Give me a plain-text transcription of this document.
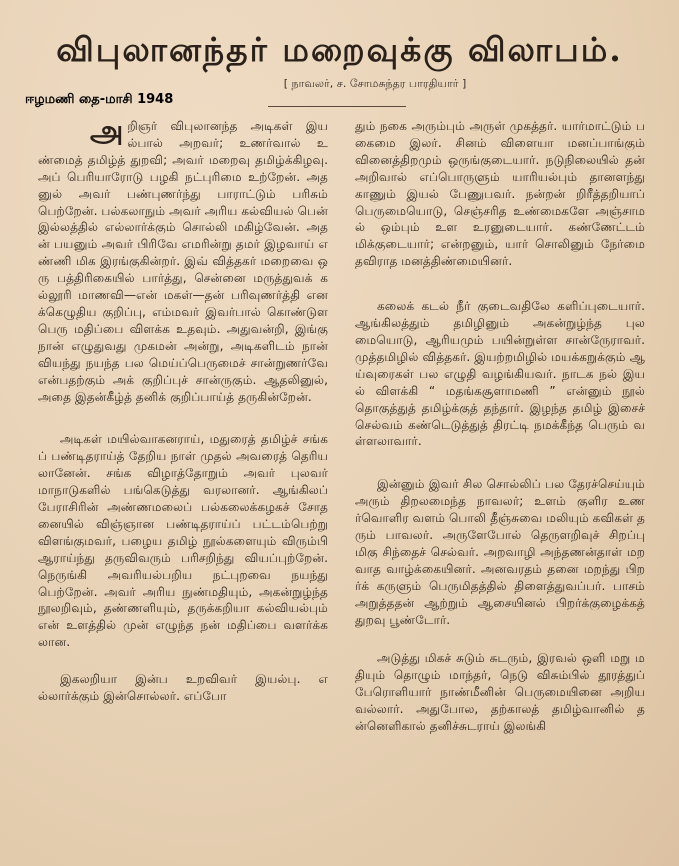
விபுலானந்தர் மறைவுக்கு விலாபம்.
[ நாவலர், ச. சோமசுந்தர பாரதியார் ]
ஈழமணி தை-மாசி 1948

அறிஞர் விபுலானந்த அடிகள் இயல்பால் அறவர்; உணர்வால் உண்மைத் தமிழ்த் துறவி; அவர் மறைவு தமிழ்க்கிழவு. அப் பெரியாரோடு பழகி நட்புரிமை உற்றேன். அதனுல் அவர் பண்புணர்ந்து பாராட்டும் பரிசும் பெற்றேன். பல்கலாநும் அவர் அரிய கல்வியல் பென் இல்லத்தில் எல்லார்க்கும் சொல்லி மகிழ்வேன். அதன் பயனும் அவர் பிரிவே எமரின்று தமர் இழவாய் எண்ணி மிக இரங்குகின்றர். இவ் வித்தகர் மறைவை ஒரு பத்திரிகையில் பார்த்து, சென்னை மருத்துவக் கல்லூரி மாணவி—என் மகள்—தன் பரிவுணர்த்தி எனக்கெழுதிய குறிப்பு, எம்மவர் இவர்பால் கொண்டுள பெரு மதிப்பை விளக்க உதவும். அதுவன்றி, இங்கு நான் எழுதுவது முகமன் அன்று, அடிகளிடம் நான் வியந்து நயந்த பல மெய்ப்பெருமைச் சான்றுணர்வே என்பதற்கும் அக் குறிப்புச் சான்ருகும். ஆதலினுல், அதை இதன்கீழ்த் தனிக் குறிப்பாய்த் தருகின்றேன்.

அடிகள் மயில்வாகனராய், மதுரைத் தமிழ்ச் சங்கப் பண்டிதராய்த் தேறிய நாள் முதல் அவரைத் தெரியலானேன். சங்க விழாத்தோறும் அவர் புலவர் மாநாடுகளில் பங்கெடுத்து வரலானர். ஆங்கிலப் பேராசிரின் அண்ணமலைப் பல்கலைக்கழகச் சோதனையில் விஞ்ஞான பண்டிதராய்ப் பட்டம்பெற்று விளங்குமவர், பழைய தமிழ் நூல்களையும் விரும்பி ஆராய்ந்து தருவிவரும் பரிசறிந்து வியப்புற்றேன். நெருங்கி அவரியல்பறிய நட்புறவை நயந்து பெற்றேன். அவர் அரிய நுண்மதியும், அகன்றுழ்ந்த நூலறிவும், தண்ணளியும், தருக்கறியா கல்வியல்பும் என் உளத்தில் முன் எழுந்த நன் மதிப்பை வளர்க்கலான.

இகலறியா இன்ப உறவிவர் இயல்பு. எல்லார்க்கும் இன்சொல்லர். எப்போ

தும் நகை அரும்பும் அருள் முகத்தர். யார்மாட்டும் பகைமை இலர். சினம் விளையா மனப்பாங்கும் வினைத்திறமும் ஒருங்குடையார். நடுநிலையில் தன் அறிவால் எப்பொருளும் யாரியல்பும் தானளந்து காணும் இயல் பேணுபவர். நன்றன் றிரீத்தறியாப் பெருமையொடு, செஞ்சரித உண்மைகளே அஞ்சாமல் ஒம்பும் உள உரனுடையார். கண்ணேட்டம் மிக்குடையார்; என்றனும், யார் சொலினும் நேர்மை தவிராத மனத்திண்மையினர்.

கலைக் கடல் நீர் குடைவதிலே களிப்புடையார். ஆங்கிலத்தும் தமிழினும் அகன்றுழ்ந்த புலமையொடு, ஆரியமும் பயின்றுள்ள சான்ருேராவர். முத்தமிழில் வித்தகர். இயற்றமிழில் மயக்கறுக்கும் ஆய்வுரைகள் பல எழுதி வழங்கியவர். நாடக நல் இயல் விளக்கி “ மதங்கசூளாமணி ” என்னும் நூல் தொகுத்துத் தமிழ்க்குத் தந்தார். இழந்த தமிழ் இசைச் செல்வம் கண்டெடுத்துத் திரட்டி நமக்கீந்த பெரும் வள்ளலாவார்.

இன்னும் இவர் சில சொல்லிப் பல தேரச்செய்யும் அரும் திறலமைந்த நாவலர்; உளம் குளிர உணர்வொளிர வளம் பொலி தீஞ்சுவை மலியும் கவிகள் தரும் பாவலர். அருளேபோல் தெருளறிவுச் சிறப்பு மிகு சிந்தைச் செல்வர். அறவாழி அந்தணன்தாள் மறவாத வாழ்க்கையினர். அனவரதம் தனை மறந்து பிறர்க் கருளும் பெருமிதத்தில் திளைத்துவப்பர். பாசம் அறுத்ததன் ஆற்றும் ஆசையினல் பிறர்க்குழைக்கத் துறவு பூண்டோர்.

அடுத்து மிகச் சுடும் சுடரும், இரவல் ஒளி மறு மதியும் தொழும் மாந்தர், நெடு விசும்பில் தூரத்துப் பேரொளியார் நாண்மீனின் பெருமையினை அறிய வல்லார். அதுபோல, தற்காலத் தமிழ்வானில் தன்னெளிகால் தனிச்சுடராய் இலங்கி
